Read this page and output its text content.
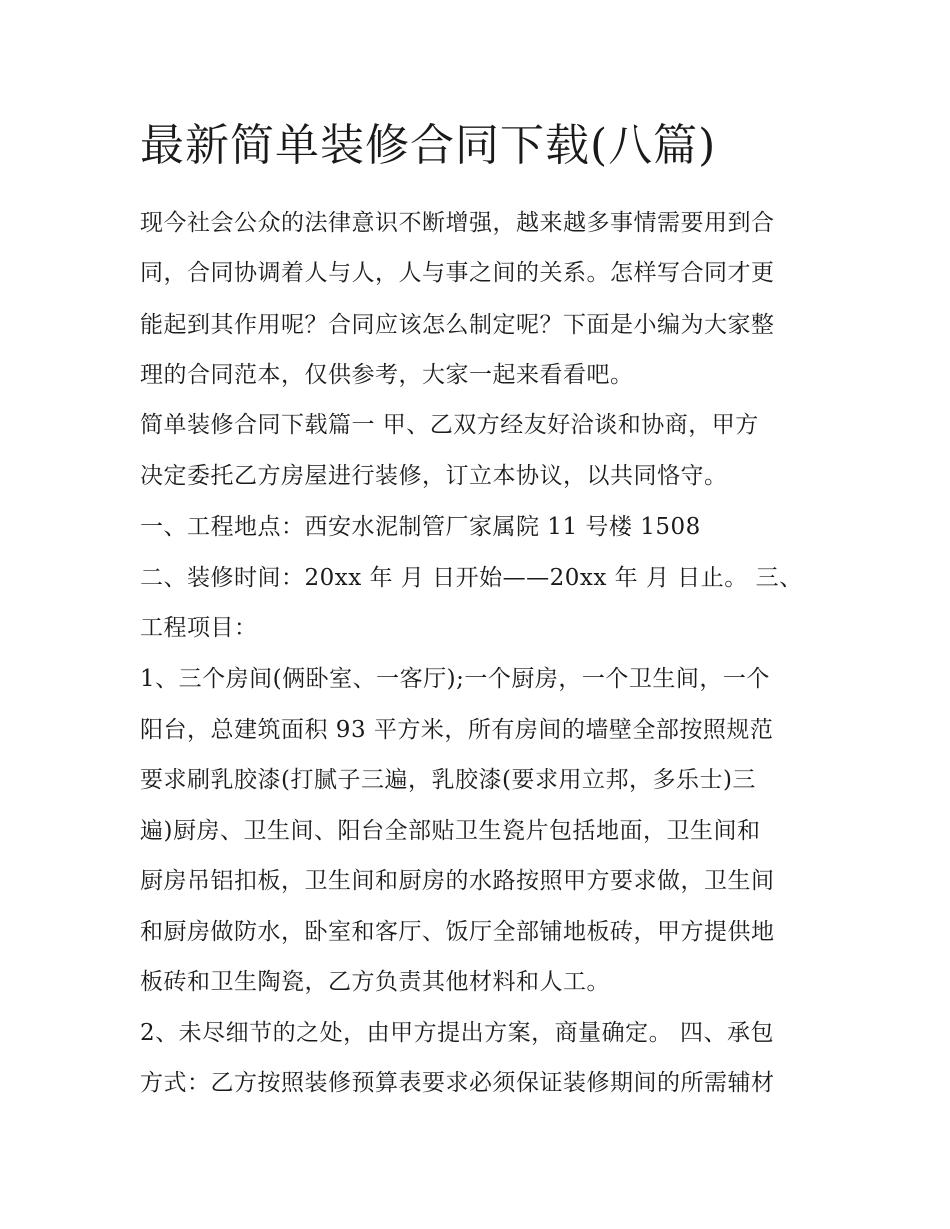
最新简单装修合同下载(八篇)

现今社会公众的法律意识不断增强，越来越多事情需要用到合

同，合同协调着人与人，人与事之间的关系。怎样写合同才更

能起到其作用呢？合同应该怎么制定呢？下面是小编为大家整

理的合同范本，仅供参考，大家一起来看看吧。

简单装修合同下载篇一 甲、乙双方经友好洽谈和协商，甲方

决定委托乙方房屋进行装修，订立本协议，以共同恪守。

一、工程地点：西安水泥制管厂家属院 11 号楼 1508

二、装修时间：20xx 年 月 日开始——20xx 年 月 日止。 三、

工程项目：

1、三个房间(俩卧室、一客厅);一个厨房，一个卫生间，一个

阳台，总建筑面积 93 平方米，所有房间的墙壁全部按照规范

要求刷乳胶漆(打腻子三遍，乳胶漆(要求用立邦，多乐士)三

遍)厨房、卫生间、阳台全部贴卫生瓷片包括地面，卫生间和

厨房吊铝扣板，卫生间和厨房的水路按照甲方要求做，卫生间

和厨房做防水，卧室和客厅、饭厅全部铺地板砖，甲方提供地

板砖和卫生陶瓷，乙方负责其他材料和人工。

2、未尽细节的之处，由甲方提出方案，商量确定。 四、承包

方式：乙方按照装修预算表要求必须保证装修期间的所需辅材
